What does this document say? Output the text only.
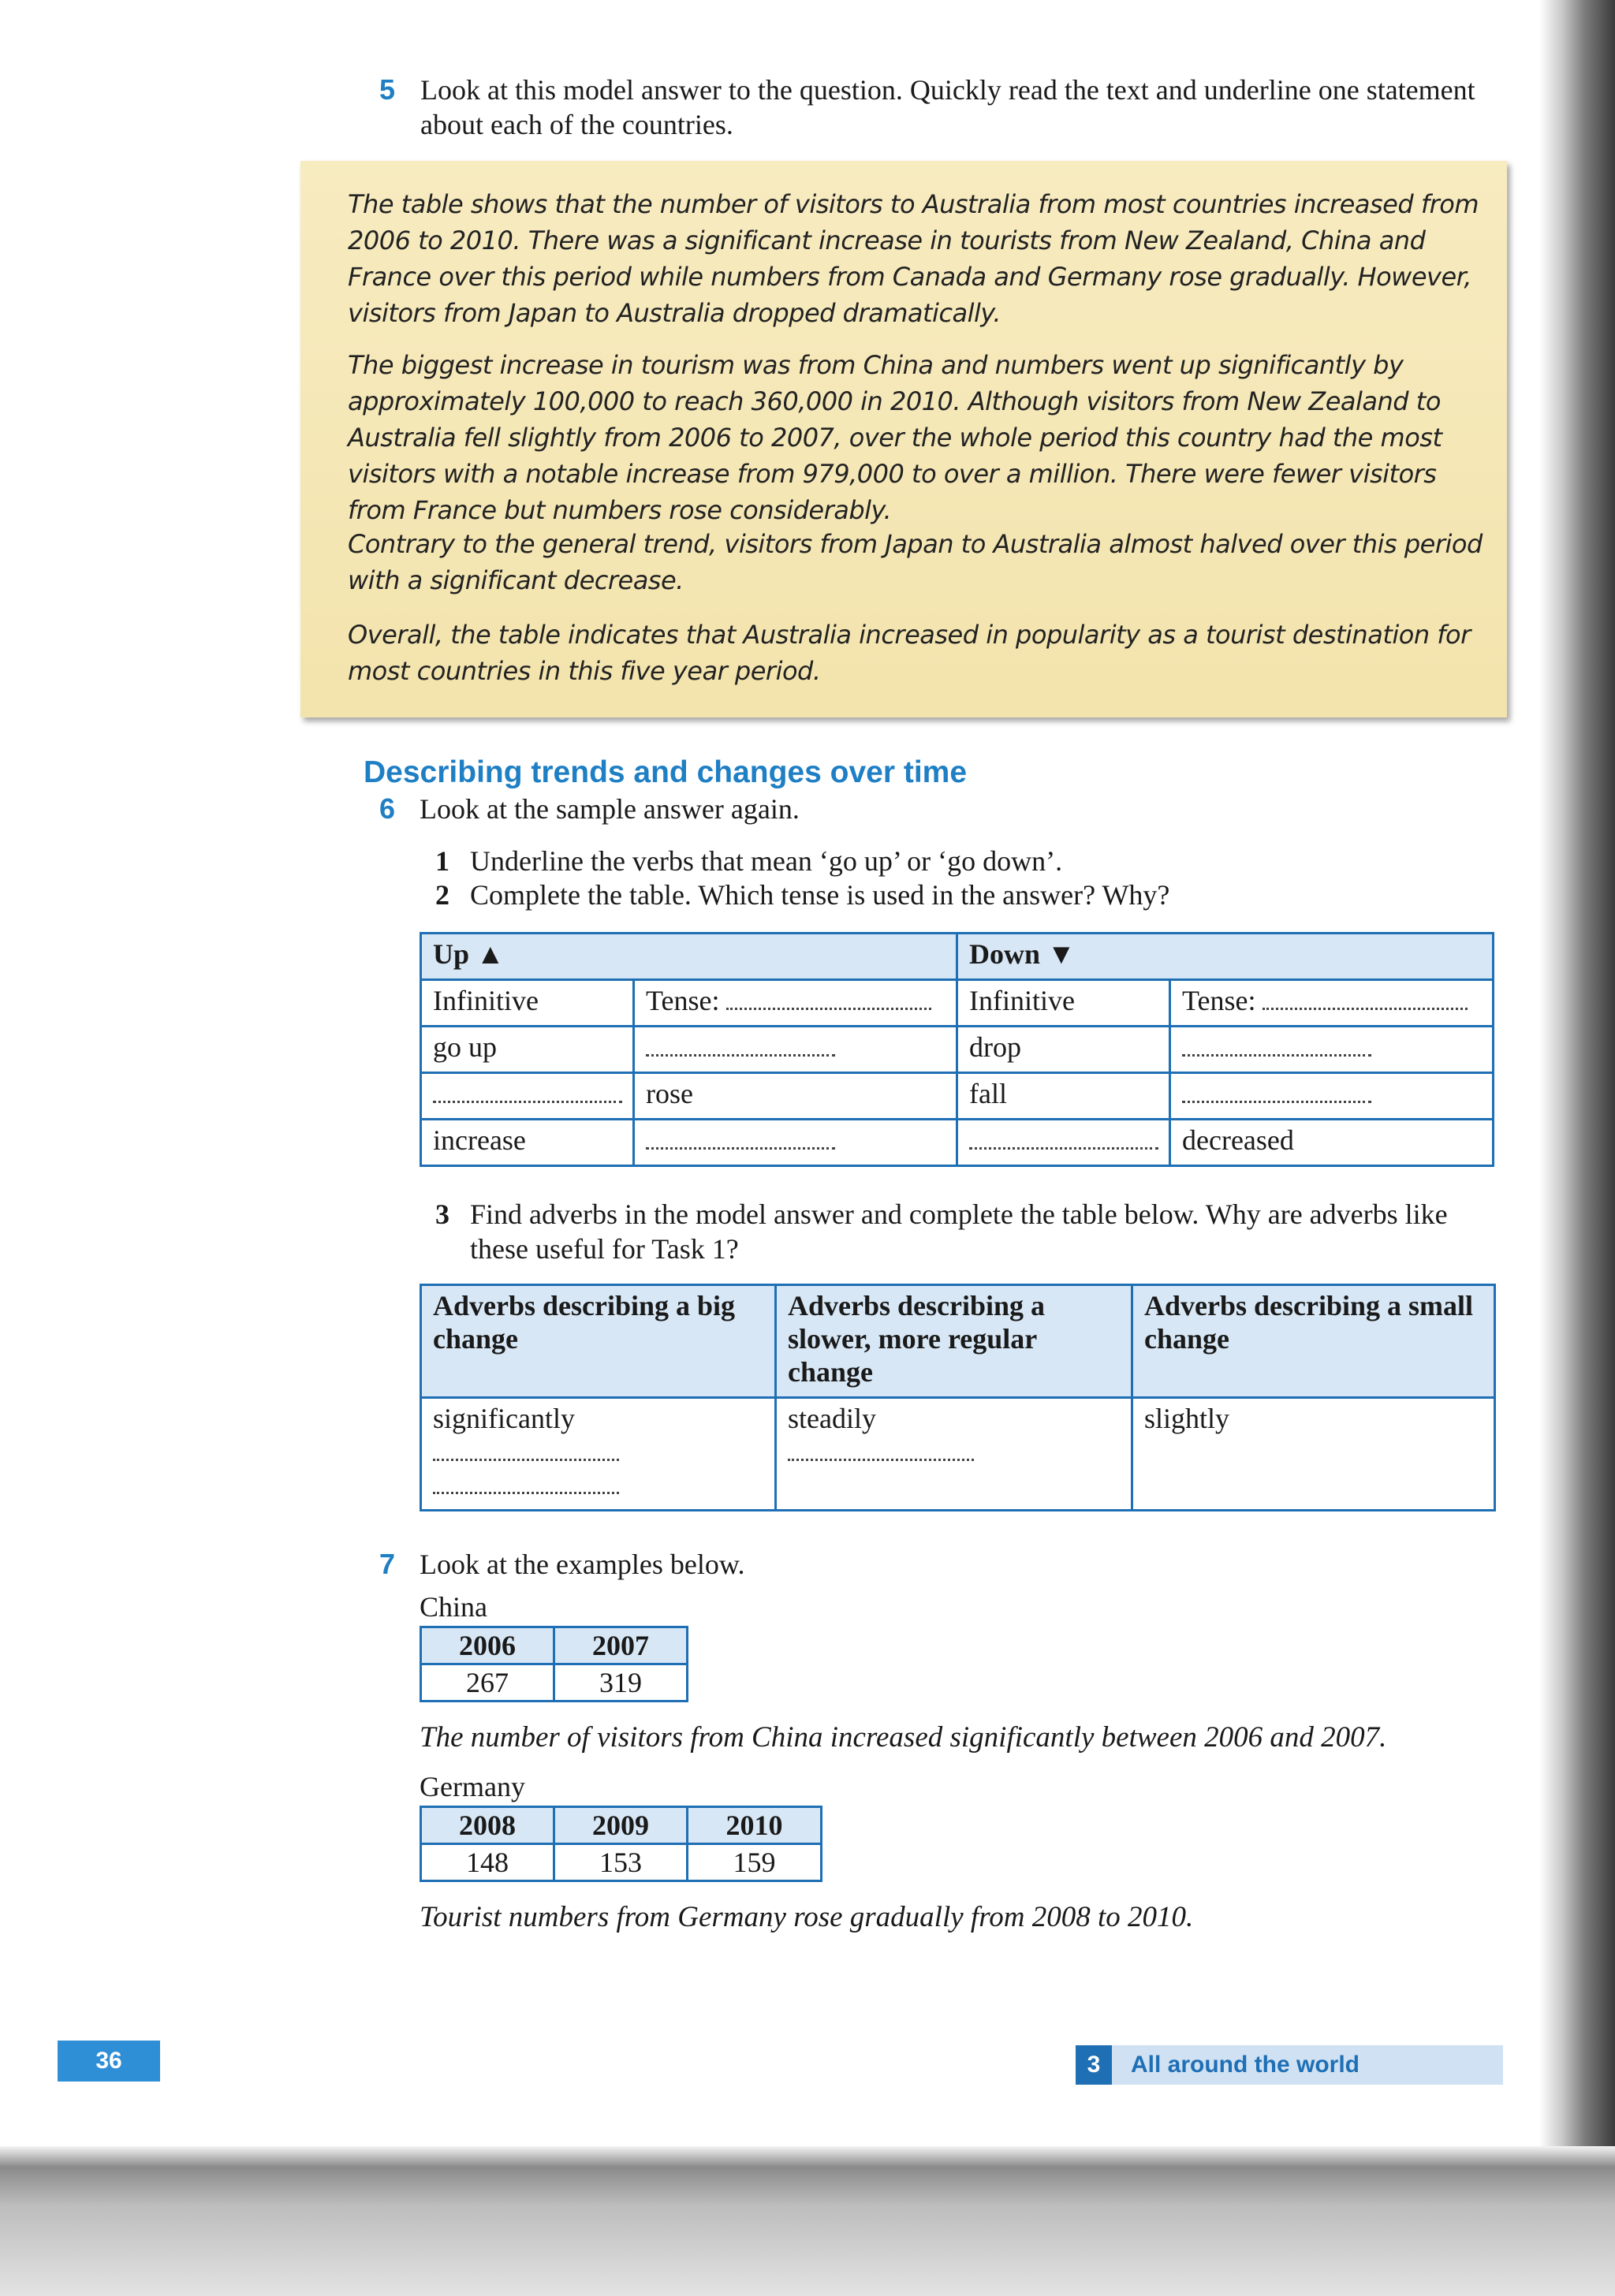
5 Look at this model answer to the question. Quickly read the text and underline one statement about each of the countries.
The table shows that the number of visitors to Australia from most countries increased from 2006 to 2010. There was a significant increase in tourists from New Zealand, China and France over this period while numbers from Canada and Germany rose gradually. However, visitors from Japan to Australia dropped dramatically.
The biggest increase in tourism was from China and numbers went up significantly by approximately 100,000 to reach 360,000 in 2010. Although visitors from New Zealand to Australia fell slightly from 2006 to 2007, over the whole period this country had the most visitors with a notable increase from 979,000 to over a million. There were fewer visitors from France but numbers rose considerably.
Contrary to the general trend, visitors from Japan to Australia almost halved over this period with a significant decrease.
Overall, the table indicates that Australia increased in popularity as a tourist destination for most countries in this five year period.
Describing trends and changes over time
6 Look at the sample answer again.
1 Underline the verbs that mean ‘go up’ or ‘go down’.
2 Complete the table. Which tense is used in the answer? Why?
Up ▲		Down ▼	
Infinitive	Tense:	Infinitive	Tense:
go up		drop	
	rose	fall	
increase			decreased
3 Find adverbs in the model answer and complete the table below. Why are adverbs like these useful for Task 1?
Adverbs describing a big change	Adverbs describing a slower, more regular change	Adverbs describing a small change

significantly	steadily	slightly
7 Look at the examples below.
China
2006	2007
267	319
The number of visitors from China increased significantly between 2006 and 2007.
Germany
2008	2009	2010
148	153	159
Tourist numbers from Germany rose gradually from 2008 to 2010.
36	3	All around the world
